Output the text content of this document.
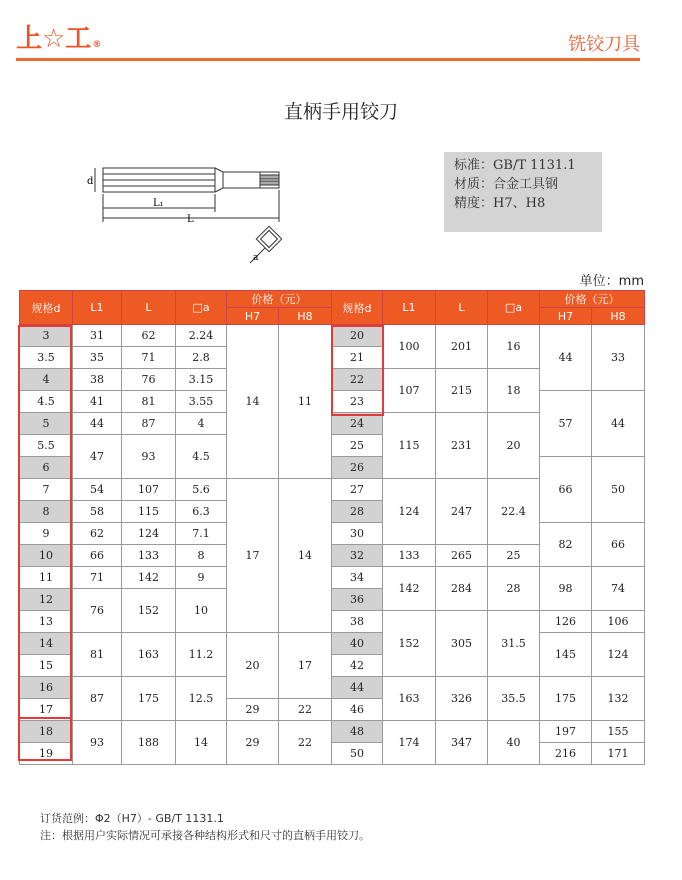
上☆工®	铣铰刀具
直柄手用铰刀
d
L₁
L
a
标准：GB/T 1131.1
材质：合金工具钢
精度：H7、H8
单位：mm
规格d	L1	L	□a	价格（元）	
				H7	H8
3	31	62	2.24	14	11
3.5	35	71	2.8		
4	38	76	3.15		
4.5	41	81	3.55		
5	44	87	4		
5.5	47	93	4.5		
6					
7	54	107	5.6	17	14
8	58	115	6.3		
9	62	124	7.1		
10	66	133	8		
11	71	142	9		
12	76	152	10		
13					
14	81	163	11.2	20	17
15					
16	87	175	12.5		
17				29	22
18	93	188	14	29	22
19					
规格d	L1	L	□a	价格（元）	
				H7	H8
20	100	201	16	44	33
21					
22	107	215	18		
23				57	44
24	115	231	20		
25					
26				66	50
27	124	247	22.4		
28					
30				82	66
32	133	265	25		
34	142	284	28	98	74
36					
38	152	305	31.5	126	106
40				145	124
42					
44	163	326	35.5	175	132
46					
48	174	347	40	197	155
50				216	171
订货范例：Φ2（H7）- GB/T 1131.1
注：根据用户实际情况可承接各种结构形式和尺寸的直柄手用铰刀。
